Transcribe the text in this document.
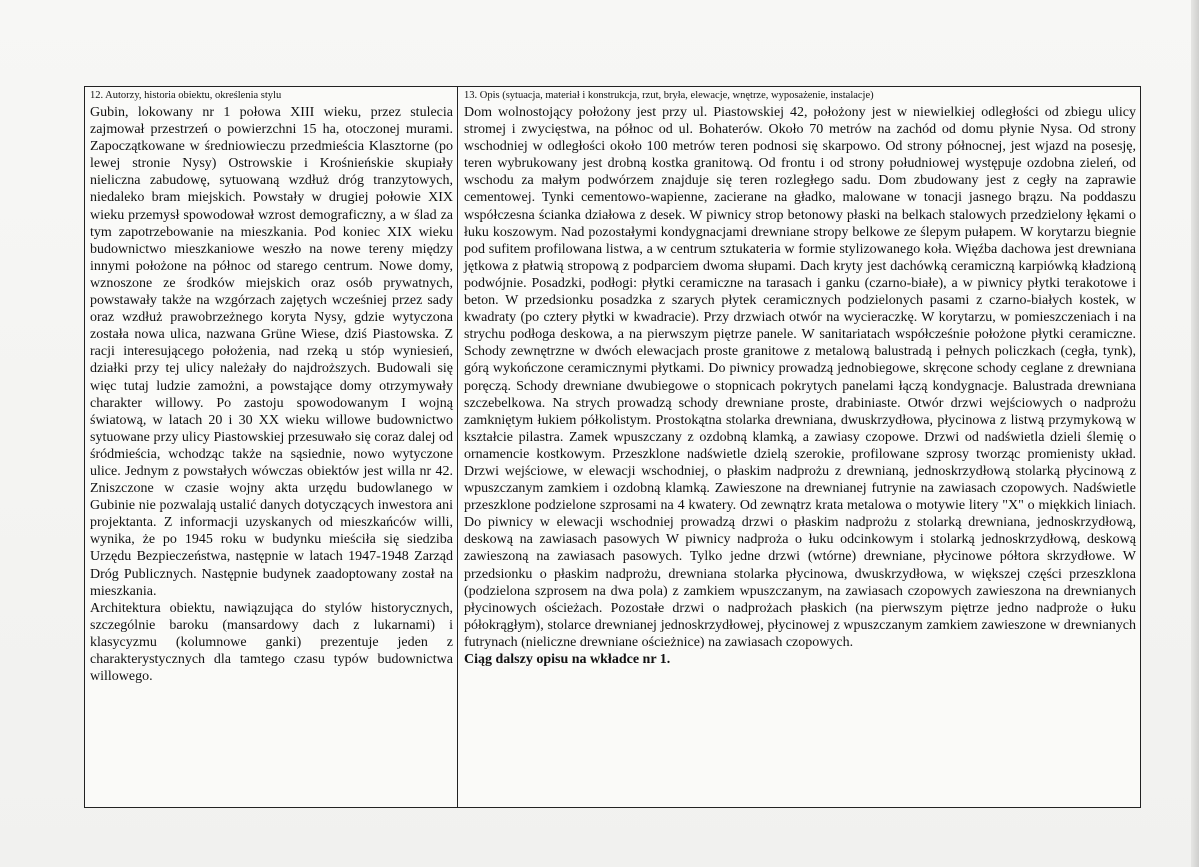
12. Autorzy, historia obiektu, określenia stylu

Gubin, lokowany nr 1 połowa XIII wieku, przez stulecia zajmował przestrzeń o powierzchni 15 ha, otoczonej murami. Zapoczątkowane w średniowieczu przedmieścia Klasztorne (po lewej stronie Nysy) Ostrowskie i Krośnieńskie skupiały nieliczna zabudowę, sytuowaną wzdłuż dróg tranzytowych, niedaleko bram miejskich. Powstały w drugiej połowie XIX wieku przemysł spowodował wzrost demograficzny, a w ślad za tym zapotrzebowanie na mieszkania. Pod koniec XIX wieku budownictwo mieszkaniowe weszło na nowe tereny między innymi położone na północ od starego centrum. Nowe domy, wznoszone ze środków miejskich oraz osób prywatnych, powstawały także na wzgórzach zajętych wcześniej przez sady oraz wzdłuż prawobrzeżnego koryta Nysy, gdzie wytyczona została nowa ulica, nazwana Grüne Wiese, dziś Piastowska. Z racji interesującego położenia, nad rzeką u stóp wyniesień, działki przy tej ulicy należały do najdroższych. Budowali się więc tutaj ludzie zamożni, a powstające domy otrzymywały charakter willowy. Po zastoju spowodowanym I wojną światową, w latach 20 i 30 XX wieku willowe budownictwo sytuowane przy ulicy Piastowskiej przesuwało się coraz dalej od śródmieścia, wchodząc także na sąsiednie, nowo wytyczone ulice. Jednym z powstałych wówczas obiektów jest willa nr 42. Zniszczone w czasie wojny akta urzędu budowlanego w Gubinie nie pozwalają ustalić danych dotyczących inwestora ani projektanta. Z informacji uzyskanych od mieszkańców willi, wynika, że po 1945 roku w budynku mieściła się siedziba Urzędu Bezpieczeństwa, następnie w latach 1947-1948 Zarząd Dróg Publicznych. Następnie budynek zaadoptowany został na mieszkania.

Architektura obiektu, nawiązująca do stylów historycznych, szczególnie baroku (mansardowy dach z lukarnami) i klasycyzmu (kolumnowe ganki) prezentuje jeden z charakterystycznych dla tamtego czasu typów budownictwa willowego.

13. Opis (sytuacja, materiał i konstrukcja, rzut, bryła, elewacje, wnętrze, wyposażenie, instalacje)

Dom wolnostojący położony jest przy ul. Piastowskiej 42, położony jest w niewielkiej odległości od zbiegu ulicy stromej i zwycięstwa, na północ od ul. Bohaterów. Około 70 metrów na zachód od domu płynie Nysa. Od strony wschodniej w odległości około 100 metrów teren podnosi się skarpowo. Od strony północnej, jest wjazd na posesję, teren wybrukowany jest drobną kostka granitową. Od frontu i od strony południowej występuje ozdobna zieleń, od wschodu za małym podwórzem znajduje się teren rozległego sadu. Dom zbudowany jest z cegły na zaprawie cementowej. Tynki cementowo-wapienne, zacierane na gładko, malowane w tonacji jasnego brązu. Na poddaszu współczesna ścianka działowa z desek. W piwnicy strop betonowy płaski na belkach stalowych przedzielony łękami o łuku koszowym. Nad pozostałymi kondygnacjami drewniane stropy belkowe ze ślepym pułapem. W korytarzu biegnie pod sufitem profilowana listwa, a w centrum sztukateria w formie stylizowanego koła. Więźba dachowa jest drewniana jętkowa z płatwią stropową z podparciem dwoma słupami. Dach kryty jest dachówką ceramiczną karpiówką kładzioną podwójnie. Posadzki, podłogi: płytki ceramiczne na tarasach i ganku (czarno-białe), a w piwnicy płytki terakotowe i beton. W przedsionku posadzka z szarych płytek ceramicznych podzielonych pasami z czarno-białych kostek, w kwadraty (po cztery płytki w kwadracie). Przy drzwiach otwór na wycieraczkę. W korytarzu, w pomieszczeniach i na strychu podłoga deskowa, a na pierwszym piętrze panele. W sanitariatach współcześnie położone płytki ceramiczne. Schody zewnętrzne w dwóch elewacjach proste granitowe z metalową balustradą i pełnych policzkach (cegła, tynk), górą wykończone ceramicznymi płytkami. Do piwnicy prowadzą jednobiegowe, skręcone schody ceglane z drewniana poręczą. Schody drewniane dwubiegowe o stopnicach pokrytych panelami łączą kondygnacje. Balustrada drewniana szczebelkowa. Na strych prowadzą schody drewniane proste, drabiniaste. Otwór drzwi wejściowych o nadprożu zamkniętym łukiem półkolistym. Prostokątna stolarka drewniana, dwuskrzydłowa, płycinowa z listwą przymykową w kształcie pilastra. Zamek wpuszczany z ozdobną klamką, a zawiasy czopowe. Drzwi od nadświetla dzieli ślemię o ornamencie kostkowym. Przeszklone nadświetle dzielą szerokie, profilowane szprosy tworząc promienisty układ. Drzwi wejściowe, w elewacji wschodniej, o płaskim nadprożu z drewnianą, jednoskrzydłową stolarką płycinową z wpuszczanym zamkiem i ozdobną klamką. Zawieszone na drewnianej futrynie na zawiasach czopowych. Nadświetle przeszklone podzielone szprosami na 4 kwatery. Od zewnątrz krata metalowa o motywie litery "X" o miękkich liniach. Do piwnicy w elewacji wschodniej prowadzą drzwi o płaskim nadprożu z stolarką drewniana, jednoskrzydłową, deskową na zawiasach pasowych W piwnicy nadproża o łuku odcinkowym i stolarką jednoskrzydłową, deskową zawieszoną na zawiasach pasowych. Tylko jedne drzwi (wtórne) drewniane, płycinowe półtora skrzydłowe. W przedsionku o płaskim nadprożu, drewniana stolarka płycinowa, dwuskrzydłowa, w większej części przeszklona (podzielona szprosem na dwa pola) z zamkiem wpuszczanym, na zawiasach czopowych zawieszona na drewnianych płycinowych ościeżach. Pozostałe drzwi o nadprożach płaskich (na pierwszym piętrze jedno nadproże o łuku półokrągłym), stolarce drewnianej jednoskrzydłowej, płycinowej z wpuszczanym zamkiem zawieszone w drewnianych futrynach (nieliczne drewniane ościeżnice) na zawiasach czopowych.

Ciąg dalszy opisu na wkładce nr 1.
